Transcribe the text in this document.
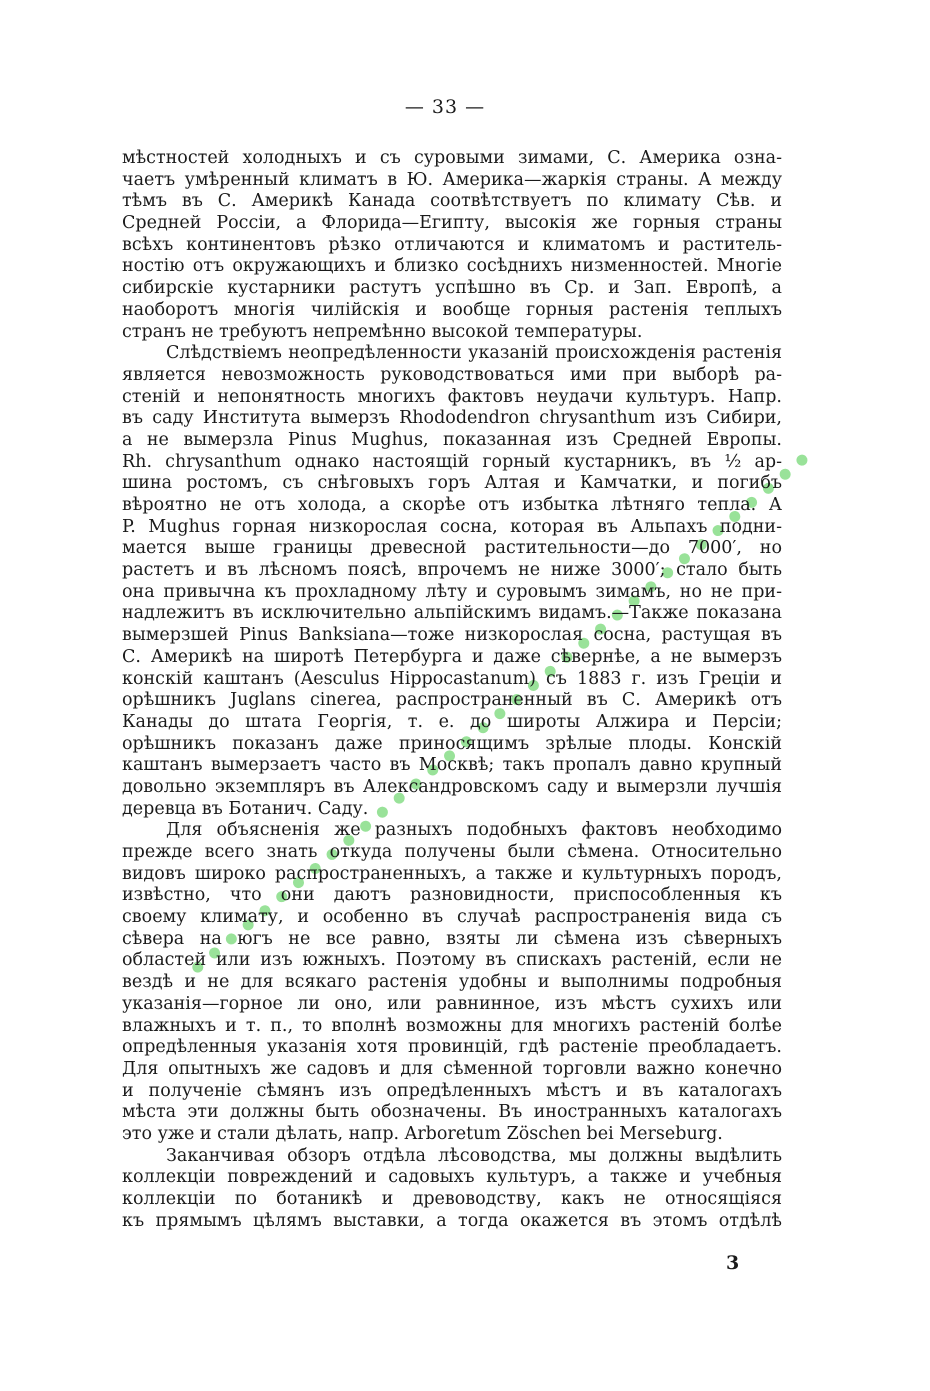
— 33 —
мѣстностей холодныхъ и съ суровыми зимами, С. Америка озна-
чаетъ умѣренный климатъ в Ю. Америка—жаркія страны. А между
тѣмъ въ С. Америкѣ Канада соотвѣтствуетъ по климату Сѣв. и
Средней Россіи, а Флорида—Египту, высокія же горныя страны
всѣхъ континентовъ рѣзко отличаются и климатомъ и раститель-
ностію отъ окружающихъ и близко сосѣднихъ низменностей. Многіе
сибирскіе кустарники растутъ успѣшно въ Ср. и Зап. Европѣ, а
наоборотъ многія чилійскія и вообще горныя растенія теплыхъ
странъ не требуютъ непремѣнно высокой температуры.
Слѣдствіемъ неопредѣленности указаній происхожденія растенія
является невозможность руководствоваться ими при выборѣ ра-
стеній и непонятность многихъ фактовъ неудачи культуръ. Напр.
въ саду Института вымерзъ Rhododendron chrysanthum изъ Сибири,
а не вымерзла Pinus Mughus, показанная изъ Средней Европы.
Rh. chrysanthum однако настоящій горный кустарникъ, въ ½ ар-
шина ростомъ, съ снѣговыхъ горъ Алтая и Камчатки, и погибъ
вѣроятно не отъ холода, а скорѣе отъ избытка лѣтняго тепла. А
P. Mughus горная низкорослая сосна, которая въ Альпахъ подни-
мается выше границы древесной растительности—до 7000′, но
растетъ и въ лѣсномъ поясѣ, впрочемъ не ниже 3000′; стало быть
она привычна къ прохладному лѣту и суровымъ зимамъ, но не при-
надлежитъ въ исключительно альпійскимъ видамъ.—Также показана
вымерзшей Pinus Banksiana—тоже низкорослая сосна, растущая въ
С. Америкѣ на широтѣ Петербурга и даже сѣвернѣе, а не вымерзъ
конскій каштанъ (Aesculus Hippocastanum) съ 1883 г. изъ Греціи и
орѣшникъ Juglans cinerea, распространенный въ С. Америкѣ отъ
Канады до штата Георгія, т. е. до широты Алжира и Персіи;
орѣшникъ показанъ даже приносящимъ зрѣлые плоды. Конскій
каштанъ вымерзаетъ часто въ Москвѣ; такъ пропалъ давно крупный
довольно экземпляръ въ Александровскомъ саду и вымерзли лучшія
деревца въ Ботанич. Саду.
Для объясненія же разныхъ подобныхъ фактовъ необходимо
прежде всего знать откуда получены были сѣмена. Относительно
видовъ широко распространенныхъ, а также и культурныхъ породъ,
извѣстно, что они даютъ разновидности, приспособленныя къ
своему климату, и особенно въ случаѣ распространенія вида съ
сѣвера на югъ не все равно, взяты ли сѣмена изъ сѣверныхъ
областей или изъ южныхъ. Поэтому въ спискахъ растеній, если не
вездѣ и не для всякаго растенія удобны и выполнимы подробныя
указанія—горное ли оно, или равнинное, изъ мѣстъ сухихъ или
влажныхъ и т. п., то вполнѣ возможны для многихъ растеній болѣе
опредѣленныя указанія хотя провинцій, гдѣ растеніе преобладаетъ.
Для опытныхъ же садовъ и для сѣменной торговли важно конечно
и полученіе сѣмянъ изъ опредѣленныхъ мѣстъ и въ каталогахъ
мѣста эти должны быть обозначены. Въ иностранныхъ каталогахъ
это уже и стали дѣлать, напр. Arboretum Zöschen bei Merseburg.
Заканчивая обзоръ отдѣла лѣсоводства, мы должны выдѣлить
коллекціи повреждений и садовыхъ культуръ, а также и учебныя
коллекціи по ботаникѣ и древоводству, какъ не относящіяся
къ прямымъ цѣлямъ выставки, а тогда окажется въ этомъ отдѣлѣ
3
